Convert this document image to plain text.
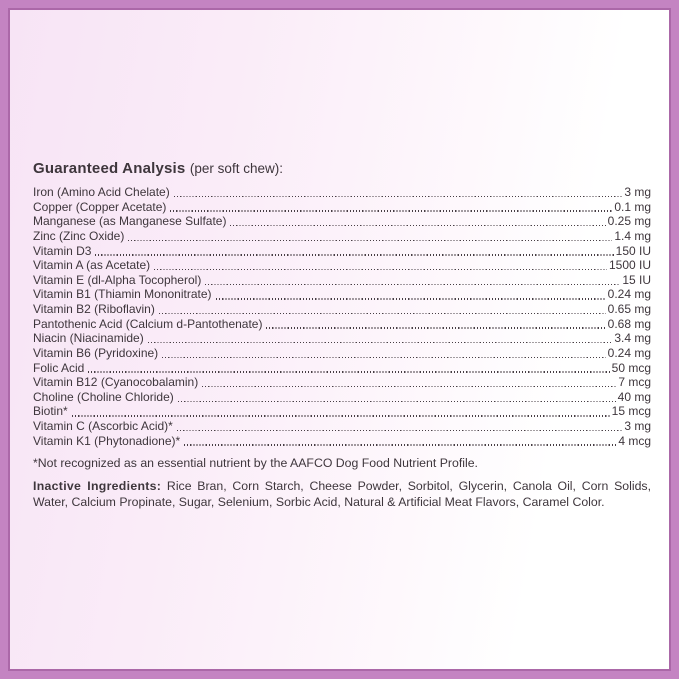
Guaranteed Analysis (per soft chew):

Iron (Amino Acid Chelate)	3 mg
Copper (Copper Acetate)	0.1 mg
Manganese (as Manganese Sulfate)	0.25 mg
Zinc (Zinc Oxide)	1.4 mg
Vitamin D3	150 IU
Vitamin A (as Acetate)	1500 IU
Vitamin E (dl-Alpha Tocopherol)	15 IU
Vitamin B1 (Thiamin Mononitrate)	0.24 mg
Vitamin B2 (Riboflavin)	0.65 mg
Pantothenic Acid (Calcium d-Pantothenate)	0.68 mg
Niacin (Niacinamide)	3.4 mg
Vitamin B6 (Pyridoxine)	0.24 mg
Folic Acid	50 mcg
Vitamin B12 (Cyanocobalamin)	7 mcg
Choline (Choline Chloride)	40 mg
Biotin*	15 mcg
Vitamin C (Ascorbic Acid)*	3 mg
Vitamin K1 (Phytonadione)*	4 mcg

*Not recognized as an essential nutrient by the AAFCO Dog Food Nutrient Profile.

Inactive Ingredients: Rice Bran, Corn Starch, Cheese Powder, Sorbitol, Glycerin, Canola Oil, Corn Solids, Water, Calcium Propinate, Sugar, Selenium, Sorbic Acid, Natural & Artificial Meat Flavors, Caramel Color.
